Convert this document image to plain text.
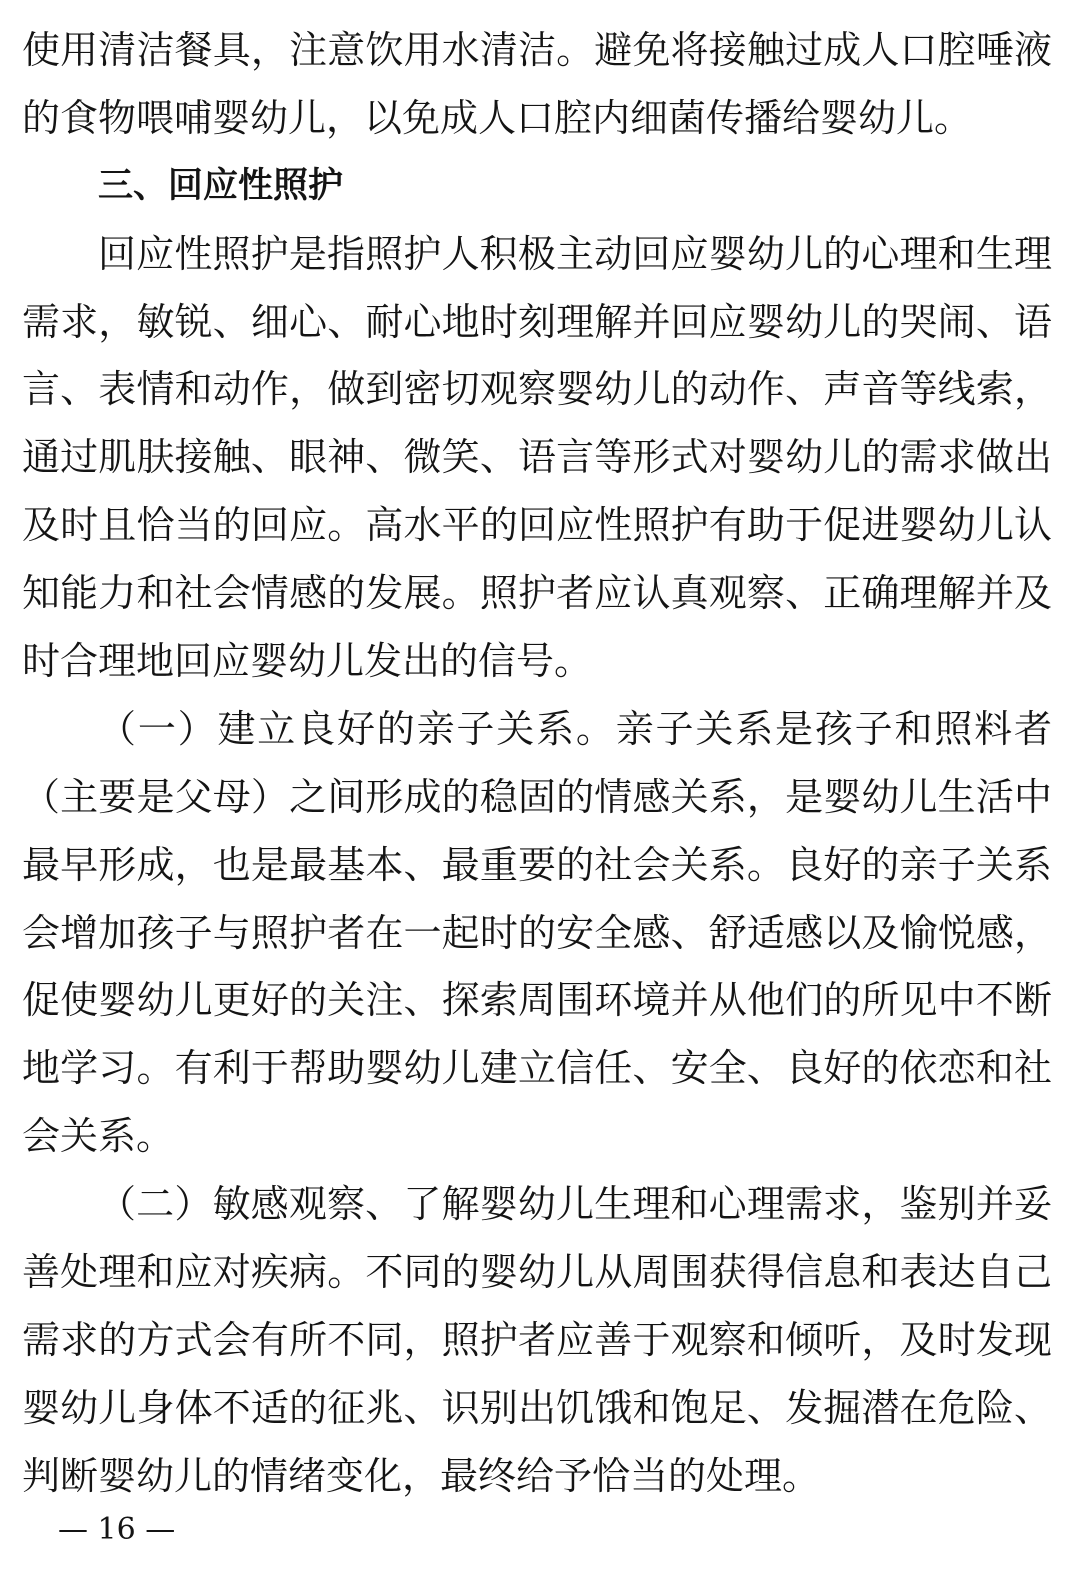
使用清洁餐具，注意饮用水清洁。避免将接触过成人口腔唾液
的食物喂哺婴幼儿，以免成人口腔内细菌传播给婴幼儿。
三、回应性照护
回应性照护是指照护人积极主动回应婴幼儿的心理和生理
需求，敏锐、细心、耐心地时刻理解并回应婴幼儿的哭闹、语
言、表情和动作，做到密切观察婴幼儿的动作、声音等线索，
通过肌肤接触、眼神、微笑、语言等形式对婴幼儿的需求做出
及时且恰当的回应。高水平的回应性照护有助于促进婴幼儿认
知能力和社会情感的发展。照护者应认真观察、正确理解并及
时合理地回应婴幼儿发出的信号。
（一）建立良好的亲子关系。亲子关系是孩子和照料者
（主要是父母）之间形成的稳固的情感关系，是婴幼儿生活中
最早形成，也是最基本、最重要的社会关系。良好的亲子关系
会增加孩子与照护者在一起时的安全感、舒适感以及愉悦感，
促使婴幼儿更好的关注、探索周围环境并从他们的所见中不断
地学习。有利于帮助婴幼儿建立信任、安全、良好的依恋和社
会关系。
（二）敏感观察、了解婴幼儿生理和心理需求，鉴别并妥
善处理和应对疾病。不同的婴幼儿从周围获得信息和表达自己
需求的方式会有所不同，照护者应善于观察和倾听，及时发现
婴幼儿身体不适的征兆、识别出饥饿和饱足、发掘潜在危险、
判断婴幼儿的情绪变化，最终给予恰当的处理。
— 16 —
